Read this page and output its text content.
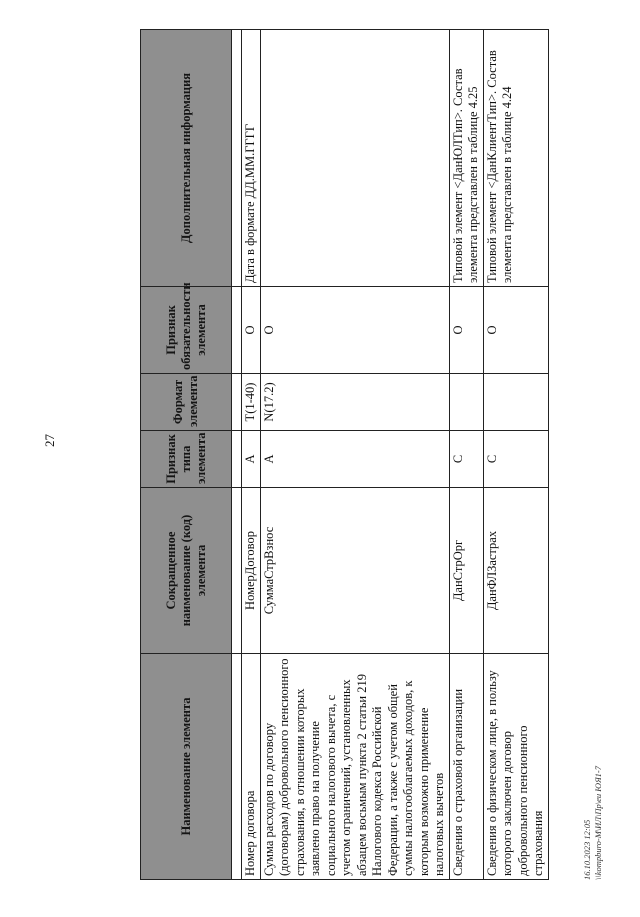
27
Наименование элемента	Сокращенное наименование (код) элемента	Признак типа элемента	Формат элемента	Признак обязательности элемента	Дополнительная информация

Номер договора	НомерДоговор	А	T(1-40)	О	Дата в формате ДД.ММ.ГГГГ
Сумма расходов по договору (договорам) добровольного пенсионного страхования, в отношении которых заявлено право на получение социального налогового вычета, с учетом ограничений, установленных абзацем восьмым пункта 2 статьи 219 Налогового кодекса Российской Федерации, а также с учетом общей суммы налогооблагаемых доходов, к которым возможно применение налоговых вычетов	СуммаСтрВзнос	А	N(17.2)	О	
Сведения о страховой организации	ДанСтрОрг	С		О	Типовой элемент <ДанЮЛТип>. Состав элемента представлен в таблице 4.25
Сведения о физическом лице, в пользу которого заключен договор добровольного пенсионного страхования	ДанФЛЗастрах	С		О	Типовой элемент <ДанКлиентТип>. Состав элемента представлен в таблице 4.24
16.10.2023 12:05 \\kompburo-M\ИЛ\Пр\eu ЮЯ1-7
